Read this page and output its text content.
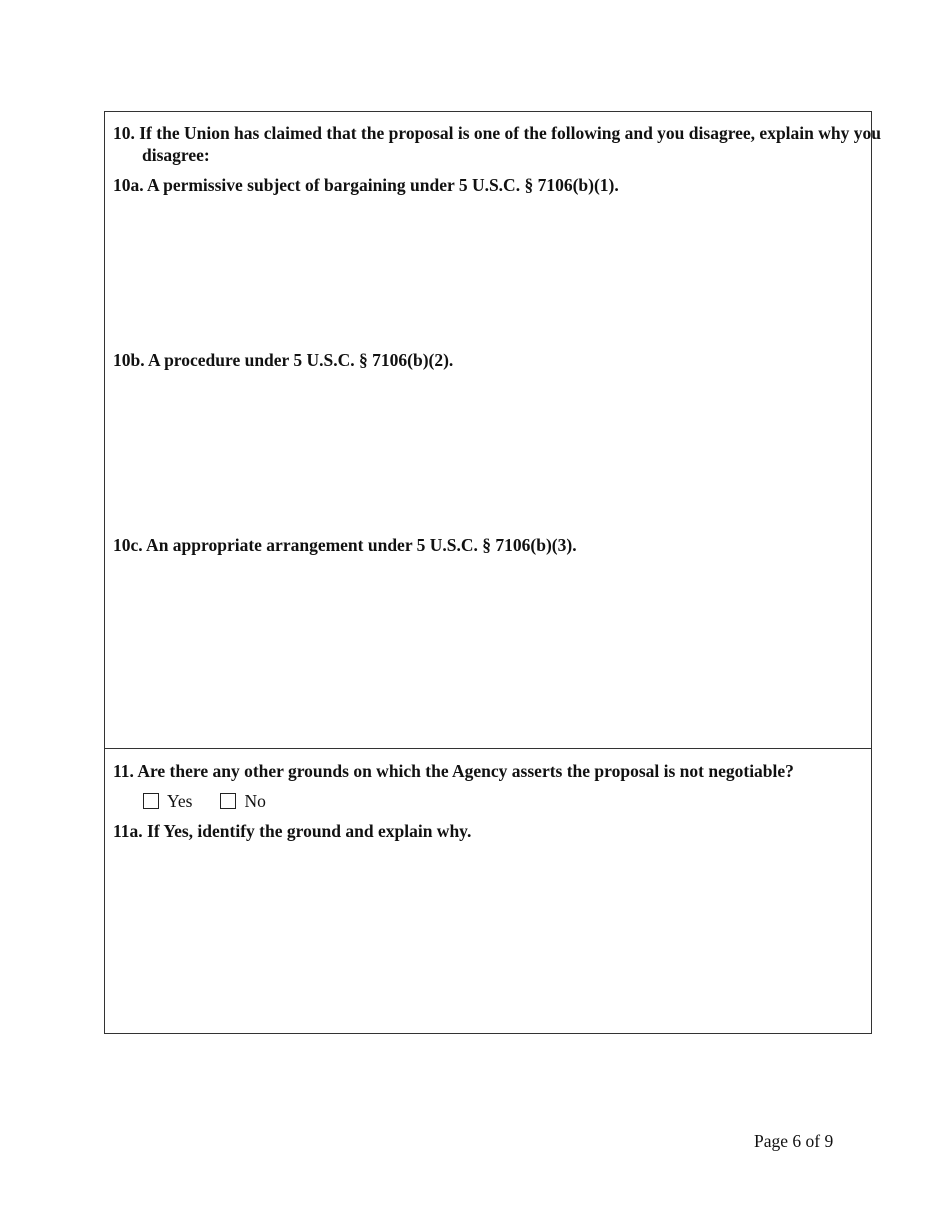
10. If the Union has claimed that the proposal is one of the following and you disagree, explain why you disagree:
10a. A permissive subject of bargaining under 5 U.S.C. § 7106(b)(1).
10b. A procedure under 5 U.S.C. § 7106(b)(2).
10c. An appropriate arrangement under 5 U.S.C. § 7106(b)(3).
11. Are there any other grounds on which the Agency asserts the proposal is not negotiable?
Yes	No
11a. If Yes, identify the ground and explain why.
Page 6 of 9
